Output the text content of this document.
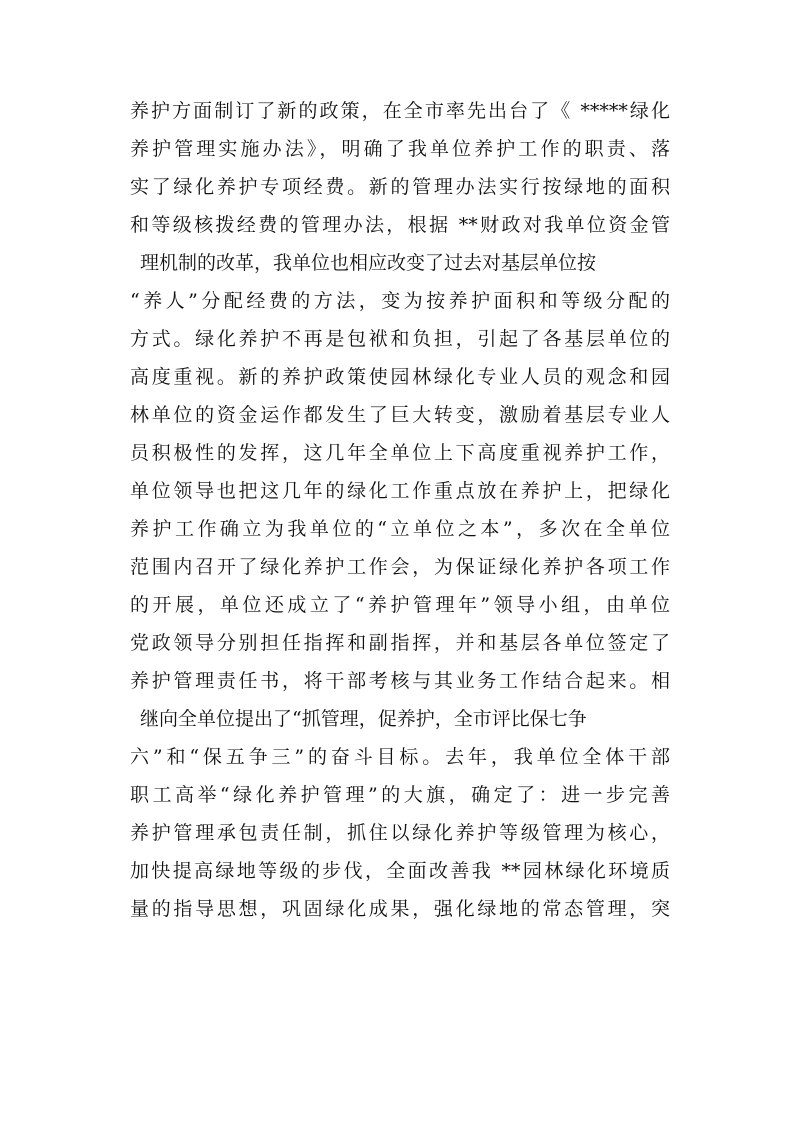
养护方面制订了新的政策，在全市率先出台了《 *****绿化
养护管理实施办法》，明确了我单位养护工作的职责、落
实了绿化养护专项经费。新的管理办法实行按绿地的面积
和等级核拨经费的管理办法，根据 **财政对我单位资金管
理机制的改革，我单位也相应改变了过去对基层单位按
“养人”分配经费的方法，变为按养护面积和等级分配的
方式。绿化养护不再是包袱和负担，引起了各基层单位的
高度重视。新的养护政策使园林绿化专业人员的观念和园
林单位的资金运作都发生了巨大转变，激励着基层专业人
员积极性的发挥，这几年全单位上下高度重视养护工作，
单位领导也把这几年的绿化工作重点放在养护上，把绿化
养护工作确立为我单位的“立单位之本”，多次在全单位
范围内召开了绿化养护工作会，为保证绿化养护各项工作
的开展，单位还成立了“养护管理年”领导小组，由单位
党政领导分别担任指挥和副指挥，并和基层各单位签定了
养护管理责任书，将干部考核与其业务工作结合起来。相
继向全单位提出了“抓管理，促养护，全市评比保七争
六”和“保五争三”的奋斗目标。去年，我单位全体干部
职工高举“绿化养护管理”的大旗，确定了：进一步完善
养护管理承包责任制，抓住以绿化养护等级管理为核心，
加快提高绿地等级的步伐，全面改善我 **园林绿化环境质
量的指导思想，巩固绿化成果，强化绿地的常态管理，突
